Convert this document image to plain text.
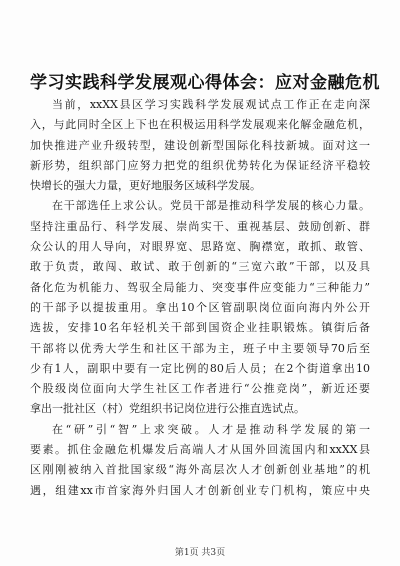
学习实践科学发展观心得体会：应对金融危机
当前，xxXX县区学习实践科学发展观试点工作正在走向深
入，与此同时全区上下也在积极运用科学发展观来化解金融危机，
加快推进产业升级转型，建设创新型国际化科技新城。面对这一
新形势，组织部门应努力把党的组织优势转化为保证经济平稳较
快增长的强大力量，更好地服务区域科学发展。
在干部选任上求公认。党员干部是推动科学发展的核心力量。
坚持注重品行、科学发展、崇尚实干、重视基层、鼓励创新、群
众公认的用人导向，对眼界宽、思路宽、胸襟宽，敢抓、敢管、
敢于负责，敢闯、敢试、敢于创新的“三宽六敢”干部，以及具
备化危为机能力、驾驭全局能力、突变事件应变能力“三种能力”
的干部予以提拔重用。拿出10个区管副职岗位面向海内外公开
选拔，安排10名年轻机关干部到国资企业挂职锻炼。镇街后备
干部将以优秀大学生和社区干部为主，班子中主要领导70后至
少有1人，副职中要有一定比例的80后人员；在2个街道拿出10
个股级岗位面向大学生社区工作者进行“公推竞岗”，新近还要
拿出一批社区（村）党组织书记岗位进行公推直选试点。
在“研”引“智”上求突破。人才是推动科学发展的第一
要素。抓住金融危机爆发后高端人才从国外回流国内和xxXX县
区刚刚被纳入首批国家级“海外高层次人才创新创业基地”的机
遇，组建xx市首家海外归国人才创新创业专门机构，策应中央
第1页 共3页
